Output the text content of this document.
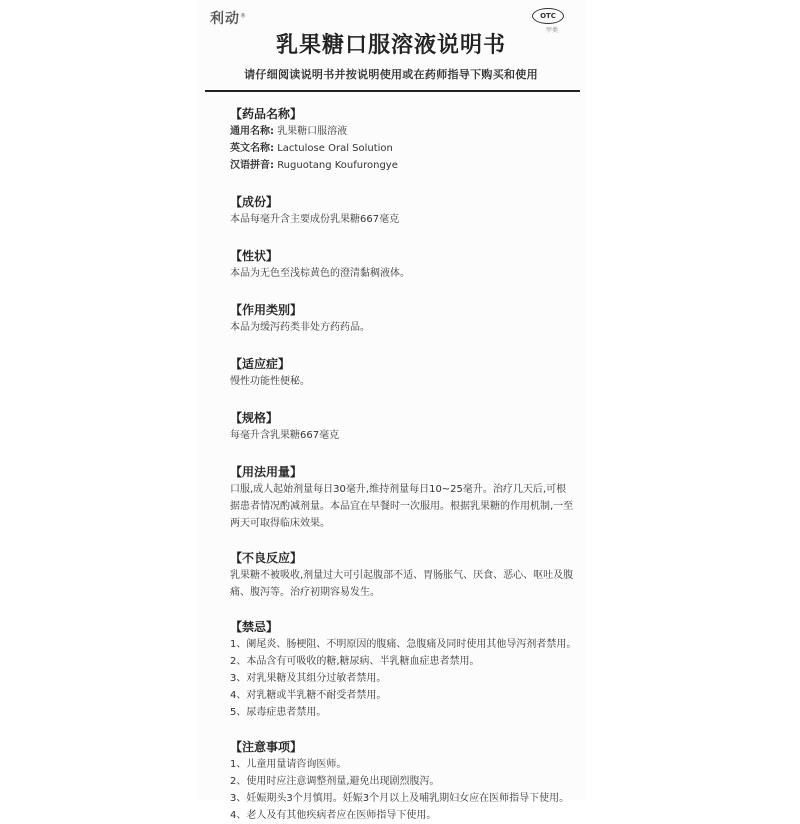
利动®	OTC
甲类
乳果糖口服溶液说明书
请仔细阅读说明书并按说明使用或在药师指导下购买和使用
【药品名称】
通用名称: 乳果糖口服溶液
英文名称: Lactulose Oral Solution
汉语拼音: Ruguotang Koufurongye
【成份】
本品每毫升含主要成份乳果糖667毫克
【性状】
本品为无色至浅棕黄色的澄清黏稠液体。
【作用类别】
本品为缓泻药类非处方药药品。
【适应症】
慢性功能性便秘。
【规格】
每毫升含乳果糖667毫克
【用法用量】
口服,成人起始剂量每日30毫升,维持剂量每日10~25毫升。治疗几天后,可根
据患者情况酌减剂量。本品宜在早餐时一次服用。根据乳果糖的作用机制,一至
两天可取得临床效果。
【不良反应】
乳果糖不被吸收,剂量过大可引起腹部不适、胃肠胀气、厌食、恶心、呕吐及腹
痛、腹泻等。治疗初期容易发生。
【禁忌】
1、阑尾炎、肠梗阻、不明原因的腹痛、急腹痛及同时使用其他导泻剂者禁用。
2、本品含有可吸收的糖,糖尿病、半乳糖血症患者禁用。
3、对乳果糖及其组分过敏者禁用。
4、对乳糖或半乳糖不耐受者禁用。
5、尿毒症患者禁用。
【注意事项】
1、儿童用量请咨询医师。
2、使用时应注意调整剂量,避免出现剧烈腹泻。
3、妊娠期头3个月慎用。妊娠3个月以上及哺乳期妇女应在医师指导下使用。
4、老人及有其他疾病者应在医师指导下使用。
